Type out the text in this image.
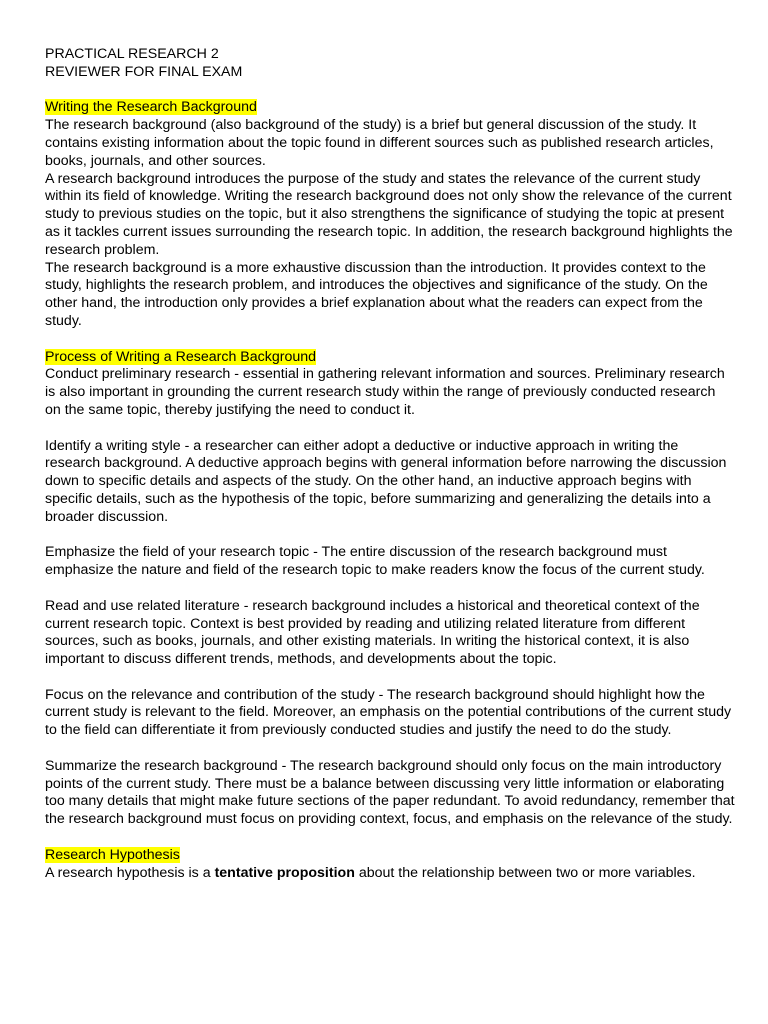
PRACTICAL RESEARCH 2

REVIEWER FOR FINAL EXAM

Writing the Research Background

The research background (also background of the study) is a brief but general discussion of the study. It contains existing information about the topic found in different sources such as published research articles, books, journals, and other sources.

A research background introduces the purpose of the study and states the relevance of the current study within its field of knowledge. Writing the research background does not only show the relevance of the current study to previous studies on the topic, but it also strengthens the significance of studying the topic at present as it tackles current issues surrounding the research topic. In addition, the research background highlights the research problem.

The research background is a more exhaustive discussion than the introduction. It provides context to the study, highlights the research problem, and introduces the objectives and significance of the study. On the other hand, the introduction only provides a brief explanation about what the readers can expect from the study.

Process of Writing a Research Background

Conduct preliminary research - essential in gathering relevant information and sources. Preliminary research is also important in grounding the current research study within the range of previously conducted research on the same topic, thereby justifying the need to conduct it.

Identify a writing style - a researcher can either adopt a deductive or inductive approach in writing the research background. A deductive approach begins with general information before narrowing the discussion down to specific details and aspects of the study. On the other hand, an inductive approach begins with specific details, such as the hypothesis of the topic, before summarizing and generalizing the details into a broader discussion.

Emphasize the field of your research topic - The entire discussion of the research background must emphasize the nature and field of the research topic to make readers know the focus of the current study.

Read and use related literature - research background includes a historical and theoretical context of the current research topic. Context is best provided by reading and utilizing related literature from different sources, such as books, journals, and other existing materials. In writing the historical context, it is also important to discuss different trends, methods, and developments about the topic.

Focus on the relevance and contribution of the study - The research background should highlight how the current study is relevant to the field. Moreover, an emphasis on the potential contributions of the current study to the field can differentiate it from previously conducted studies and justify the need to do the study.

Summarize the research background - The research background should only focus on the main introductory points of the current study. There must be a balance between discussing very little information or elaborating too many details that might make future sections of the paper redundant. To avoid redundancy, remember that the research background must focus on providing context, focus, and emphasis on the relevance of the study.

Research Hypothesis

A research hypothesis is a tentative proposition about the relationship between two or more variables.
